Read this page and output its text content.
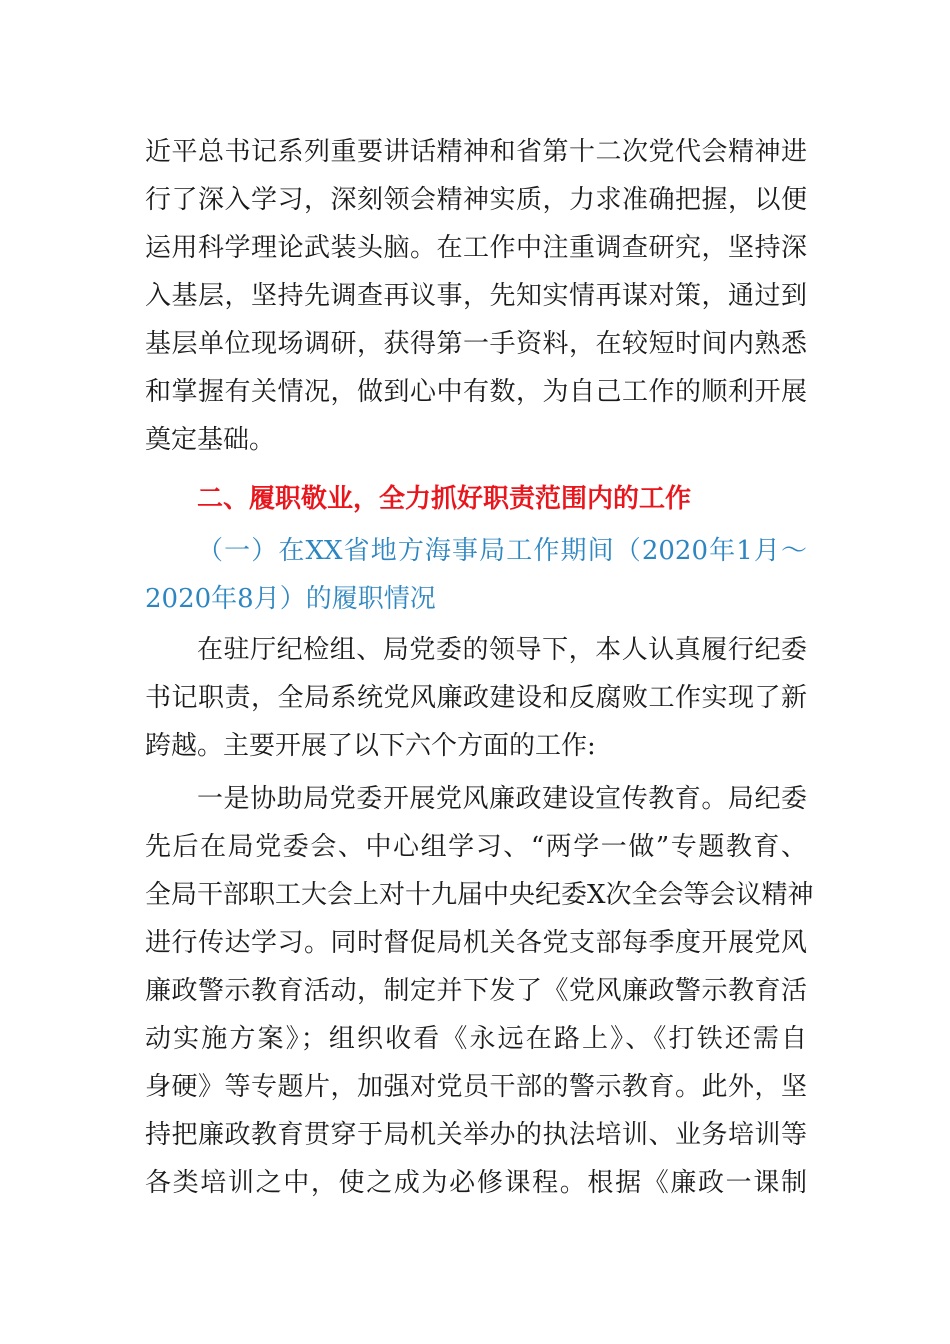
近平总书记系列重要讲话精神和省第十二次党代会精神进
行了深入学习，深刻领会精神实质，力求准确把握，以便
运用科学理论武装头脑。在工作中注重调查研究，坚持深
入基层，坚持先调查再议事，先知实情再谋对策，通过到
基层单位现场调研，获得第一手资料，在较短时间内熟悉
和掌握有关情况，做到心中有数，为自己工作的顺利开展
奠定基础。
二、履职敬业，全力抓好职责范围内的工作
（一）在XX省地方海事局工作期间（2020年1月～
2020年8月）的履职情况
在驻厅纪检组、局党委的领导下，本人认真履行纪委
书记职责，全局系统党风廉政建设和反腐败工作实现了新
跨越。主要开展了以下六个方面的工作:
一是协助局党委开展党风廉政建设宣传教育。局纪委
先后在局党委会、中心组学习、“两学一做”专题教育、
全局干部职工大会上对十九届中央纪委X次全会等会议精神
进行传达学习。同时督促局机关各党支部每季度开展党风
廉政警示教育活动，制定并下发了《党风廉政警示教育活
动实施方案》；组织收看《永远在路上》、《打铁还需自
身硬》等专题片，加强对党员干部的警示教育。此外，坚
持把廉政教育贯穿于局机关举办的执法培训、业务培训等
各类培训之中，使之成为必修课程。根据《廉政一课制
